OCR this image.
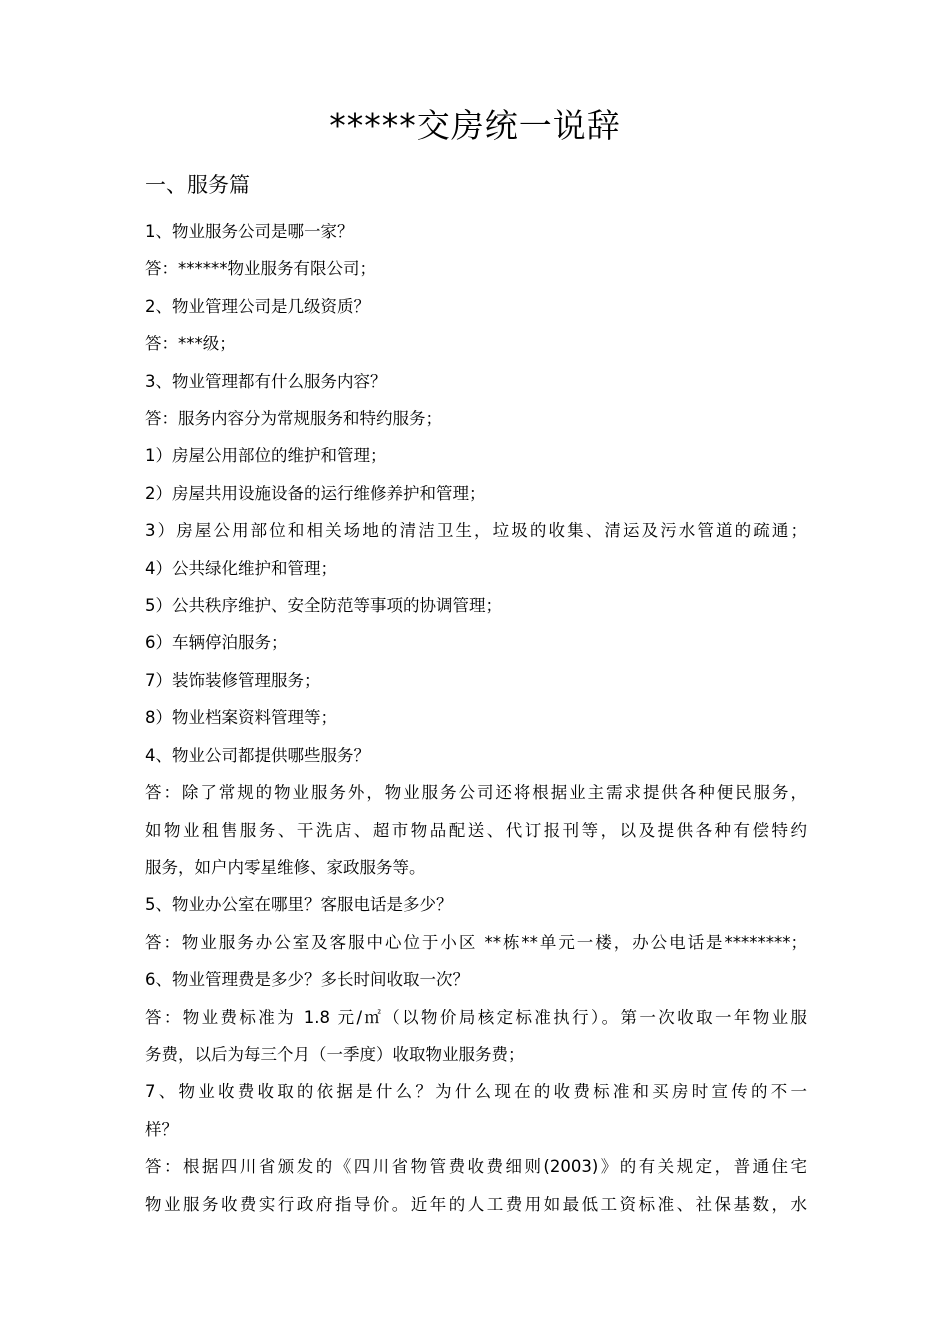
*****交房统一说辞
一、服务篇
1、物业服务公司是哪一家？
答：******物业服务有限公司；
2、物业管理公司是几级资质？
答：***级；
3、物业管理都有什么服务内容？
答：服务内容分为常规服务和特约服务；
1）房屋公用部位的维护和管理；
2）房屋共用设施设备的运行维修养护和管理；
3）房屋公用部位和相关场地的清洁卫生，垃圾的收集、清运及污水管道的疏通；
4）公共绿化维护和管理；
5）公共秩序维护、安全防范等事项的协调管理；
6）车辆停泊服务；
7）装饰装修管理服务；
8）物业档案资料管理等；
4、物业公司都提供哪些服务？
答：除了常规的物业服务外，物业服务公司还将根据业主需求提供各种便民服务，
如物业租售服务、干洗店、超市物品配送、代订报刊等，以及提供各种有偿特约
服务，如户内零星维修、家政服务等。
5、物业办公室在哪里？客服电话是多少？
答：物业服务办公室及客服中心位于小区 **栋**单元一楼，办公电话是********；
6、物业管理费是多少？多长时间收取一次？
答：物业费标准为 1.8 元/㎡（以物价局核定标准执行）。第一次收取一年物业服
务费，以后为每三个月（一季度）收取物业服务费；
7、物业收费收取的依据是什么？为什么现在的收费标准和买房时宣传的不一
样？
答：根据四川省颁发的《四川省物管费收费细则(2003)》的有关规定，普通住宅
物业服务收费实行政府指导价。近年的人工费用如最低工资标准、社保基数，水
